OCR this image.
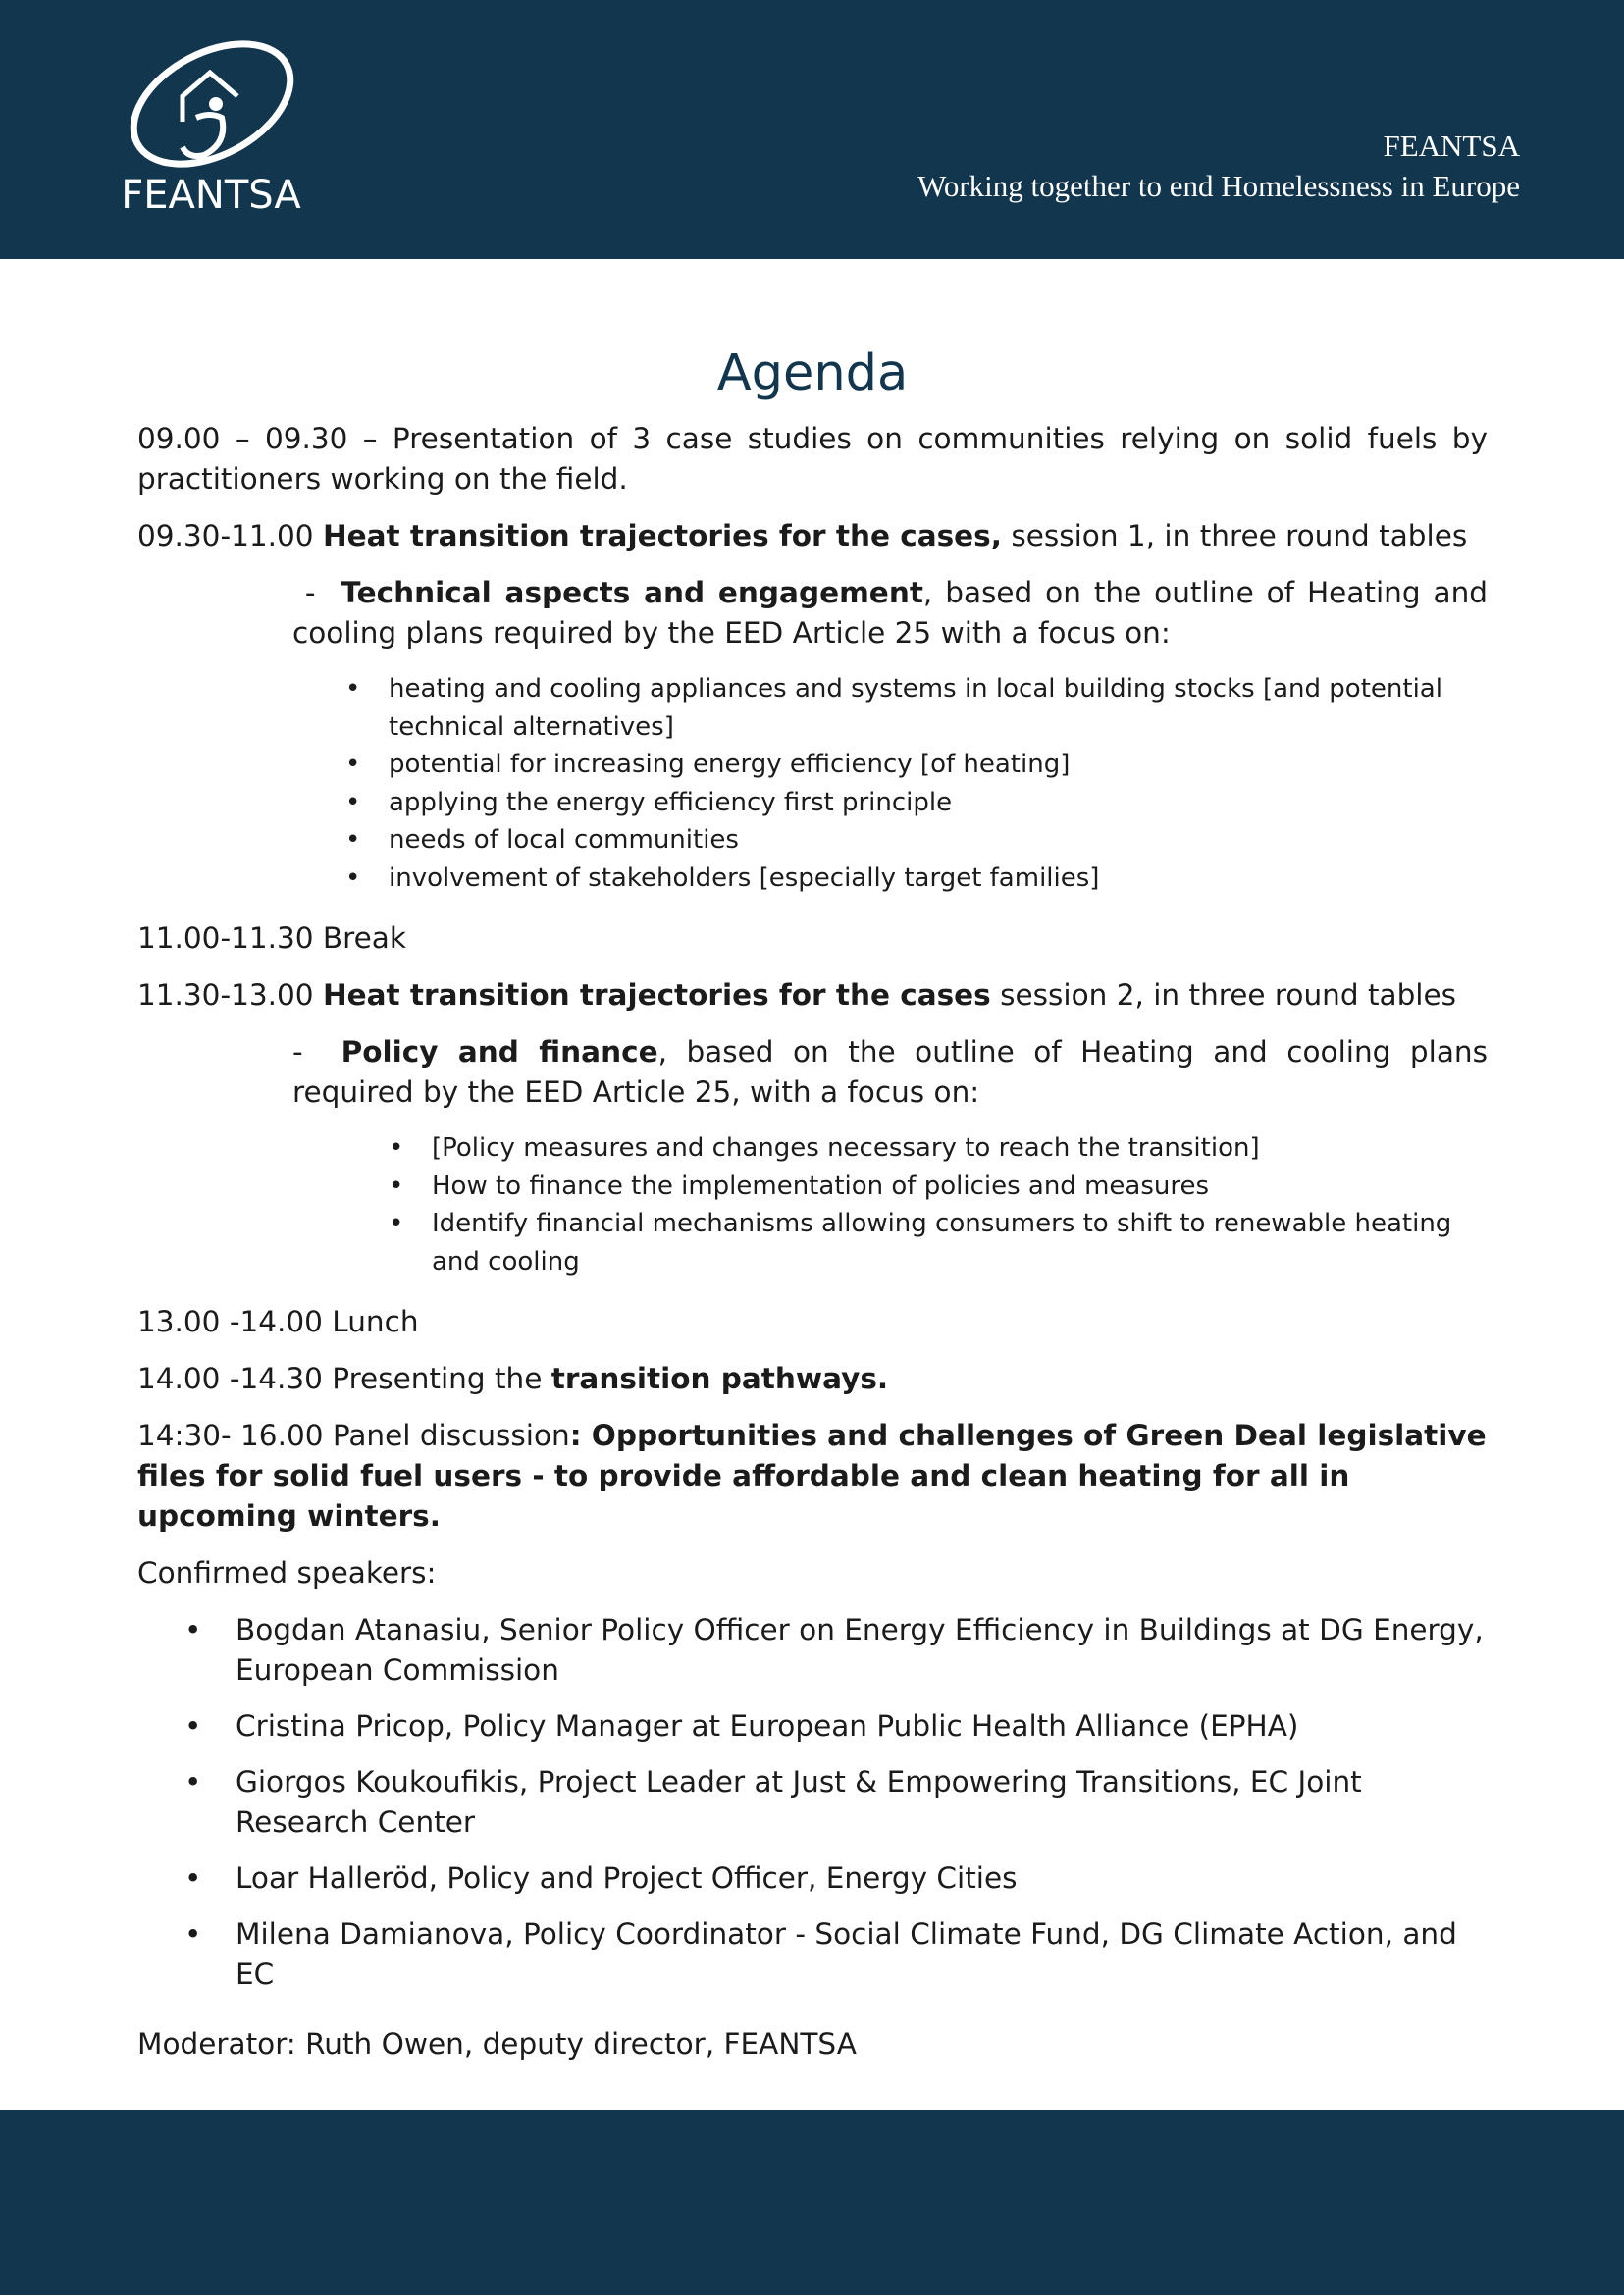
FEANTSA
FEANTSA
Working together to end Homelessness in Europe
Agenda

09.00 – 09.30 – Presentation of 3 case studies on communities relying on solid fuels by practitioners working on the field.

09.30-11.00 Heat transition trajectories for the cases, session 1, in three round tables

-  Technical aspects and engagement, based on the outline of Heating and cooling plans required by the EED Article 25 with a focus on:

• heating and cooling appliances and systems in local building stocks [and potential technical alternatives]
• potential for increasing energy efficiency [of heating]
• applying the energy efficiency first principle
• needs of local communities
• involvement of stakeholders [especially target families]

11.00-11.30 Break

11.30-13.00 Heat transition trajectories for the cases session 2, in three round tables

-  Policy and finance, based on the outline of Heating and cooling plans required by the EED Article 25, with a focus on:

• [Policy measures and changes necessary to reach the transition]
• How to finance the implementation of policies and measures
• Identify financial mechanisms allowing consumers to shift to renewable heating and cooling

13.00 -14.00 Lunch

14.00 -14.30 Presenting the transition pathways.

14:30- 16.00 Panel discussion: Opportunities and challenges of Green Deal legislative files for solid fuel users - to provide affordable and clean heating for all in upcoming winters.

Confirmed speakers:

• Bogdan Atanasiu, Senior Policy Officer on Energy Efficiency in Buildings at DG Energy, European Commission
• Cristina Pricop, Policy Manager at European Public Health Alliance (EPHA)
• Giorgos Koukoufikis, Project Leader at Just & Empowering Transitions, EC Joint Research Center
• Loar Halleröd, Policy and Project Officer, Energy Cities
• Milena Damianova, Policy Coordinator - Social Climate Fund, DG Climate Action, and EC

Moderator: Ruth Owen, deputy director, FEANTSA
